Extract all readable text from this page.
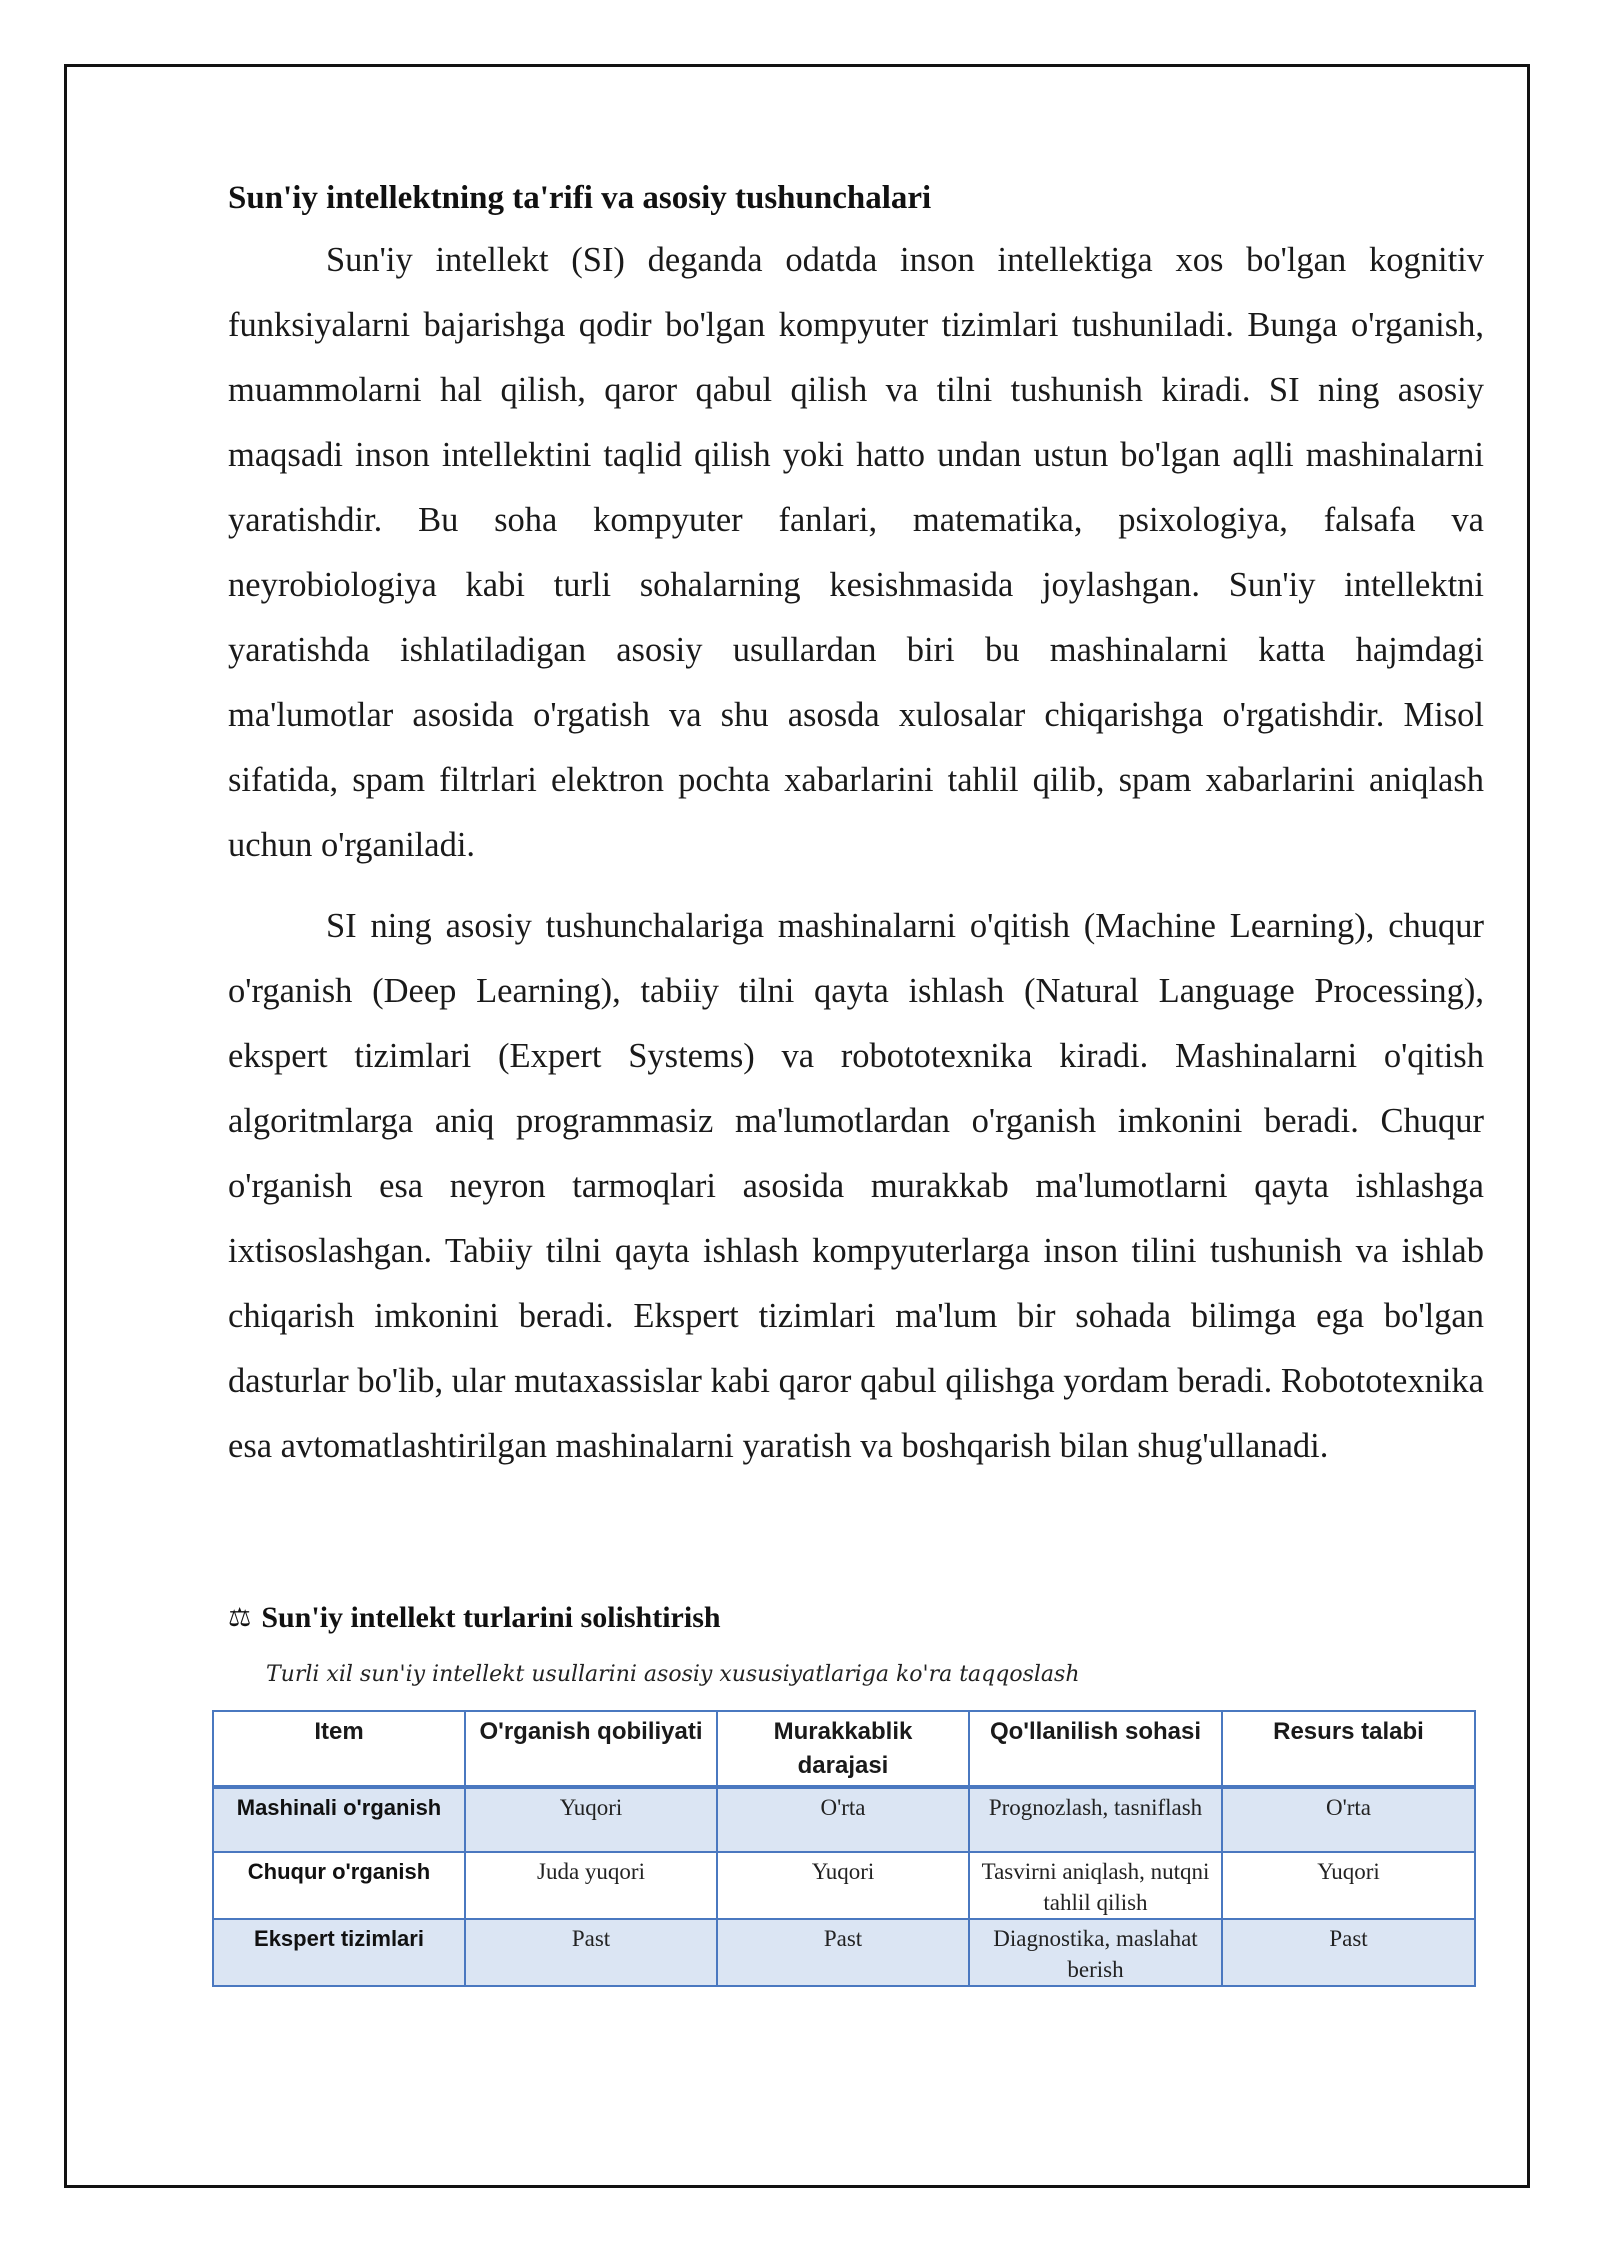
Sun'iy intellektning ta'rifi va asosiy tushunchalari

Sun'iy intellekt (SI) deganda odatda inson intellektiga xos bo'lgan kognitiv funksiyalarni bajarishga qodir bo'lgan kompyuter tizimlari tushuniladi. Bunga o'rganish, muammolarni hal qilish, qaror qabul qilish va tilni tushunish kiradi. SI ning asosiy maqsadi inson intellektini taqlid qilish yoki hatto undan ustun bo'lgan aqlli mashinalarni yaratishdir. Bu soha kompyuter fanlari, matematika, psixologiya, falsafa va neyrobiologiya kabi turli sohalarning kesishmasida joylashgan. Sun'iy intellektni yaratishda ishlatiladigan asosiy usullardan biri bu mashinalarni katta hajmdagi ma'lumotlar asosida o'rgatish va shu asosda xulosalar chiqarishga o'rgatishdir. Misol sifatida, spam filtrlari elektron pochta xabarlarini tahlil qilib, spam xabarlarini aniqlash uchun o'rganiladi.

SI ning asosiy tushunchalariga mashinalarni o'qitish (Machine Learning), chuqur o'rganish (Deep Learning), tabiiy tilni qayta ishlash (Natural Language Processing), ekspert tizimlari (Expert Systems) va robototexnika kiradi. Mashinalarni o'qitish algoritmlarga aniq programmasiz ma'lumotlardan o'rganish imkonini beradi. Chuqur o'rganish esa neyron tarmoqlari asosida murakkab ma'lumotlarni qayta ishlashga ixtisoslashgan. Tabiiy tilni qayta ishlash kompyuterlarga inson tilini tushunish va ishlab chiqarish imkonini beradi. Ekspert tizimlari ma'lum bir sohada bilimga ega bo'lgan dasturlar bo'lib, ular mutaxassislar kabi qaror qabul qilishga yordam beradi. Robototexnika esa avtomatlashtirilgan mashinalarni yaratish va boshqarish bilan shug'ullanadi.

⚖ Sun'iy intellekt turlarini solishtirish
Turli xil sun'iy intellekt usullarini asosiy xususiyatlariga ko'ra taqqoslash
Item	O'rganish qobiliyati	Murakkablik darajasi	Qo'llanilish sohasi	Resurs talabi
Mashinali o'rganish	Yuqori	O'rta	Prognozlash, tasniflash	O'rta
Chuqur o'rganish	Juda yuqori	Yuqori	Tasvirni aniqlash, nutqni tahlil qilish	Yuqori
Ekspert tizimlari	Past	Past	Diagnostika, maslahat berish	Past
